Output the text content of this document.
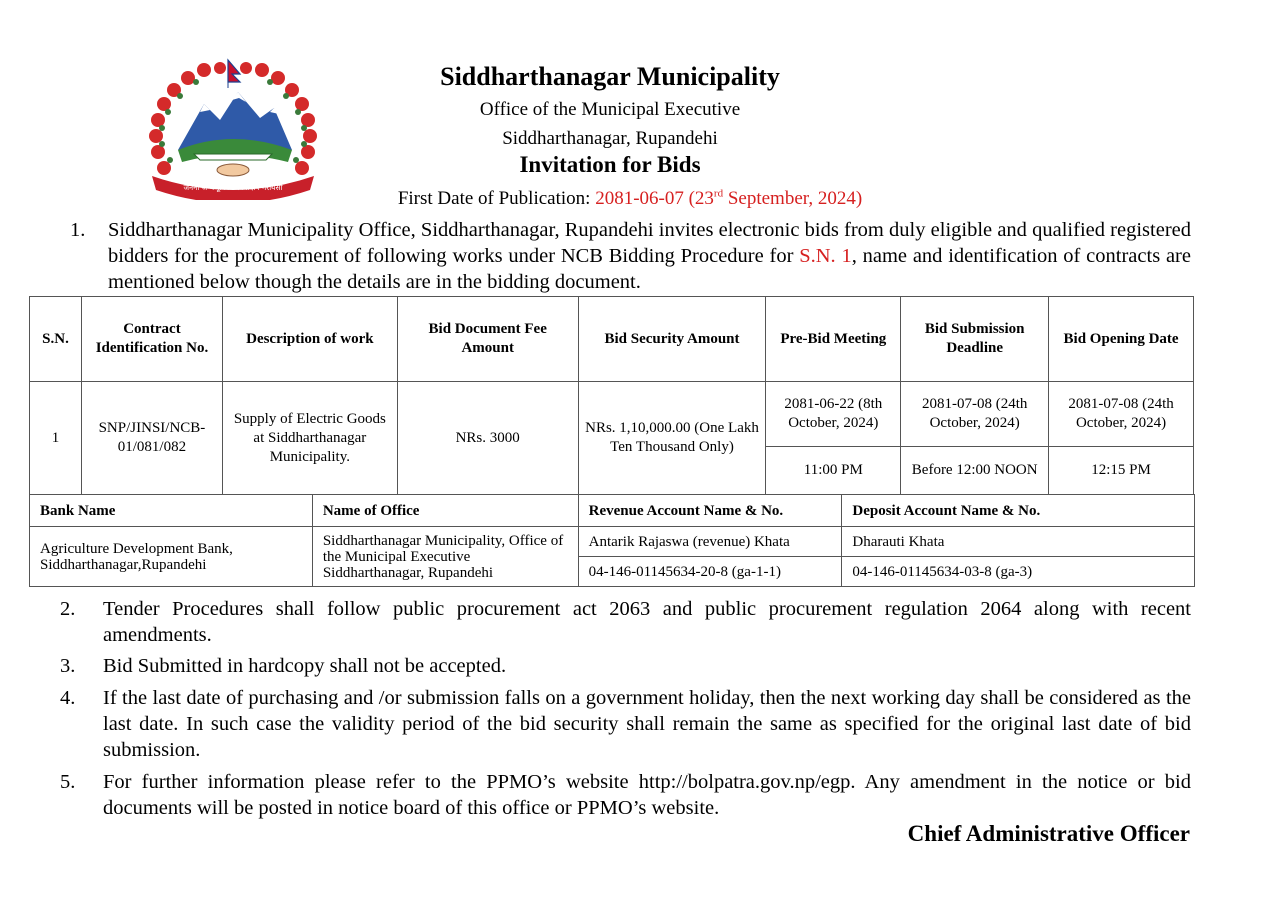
जननी जन्मभूमिश्च स्वर्गादपि गरीयसी
Siddharthanagar Municipality
Office of the Municipal Executive
Siddharthanagar, Rupandehi
Invitation for Bids
First Date of Publication: 2081-06-07 (23rd September, 2024)
1. Siddharthanagar Municipality Office, Siddharthanagar, Rupandehi invites electronic bids from duly eligible and qualified registered bidders for the procurement of following works under NCB Bidding Procedure for S.N. 1, name and identification of contracts are mentioned below though the details are in the bidding document.
S.N.	Contract Identification No.	Description of work	Bid Document Fee Amount	Bid Security Amount	Pre-Bid Meeting	Bid Submission Deadline	Bid Opening Date
1	SNP/JINSI/NCB-01/081/082	Supply of Electric Goods at Siddharthanagar Municipality.	NRs. 3000	NRs. 1,10,000.00 (One Lakh Ten Thousand Only)	2081-06-22 (8th October, 2024)	2081-07-08 (24th October, 2024)	2081-07-08 (24th October, 2024)
					11:00 PM	Before 12:00 NOON	12:15 PM
Bank Name	Name of Office	Revenue Account Name & No.	Deposit Account Name & No.
Agriculture Development Bank, Siddharthanagar,Rupandehi	Siddharthanagar Municipality, Office of the Municipal Executive Siddharthanagar, Rupandehi	Antarik Rajaswa (revenue) Khata	Dharauti Khata
		04-146-01145634-20-8 (ga-1-1)	04-146-01145634-03-8 (ga-3)
2. Tender Procedures shall follow public procurement act 2063 and public procurement regulation 2064 along with recent amendments.
3. Bid Submitted in hardcopy shall not be accepted.
4. If the last date of purchasing and /or submission falls on a government holiday, then the next working day shall be considered as the last date. In such case the validity period of the bid security shall remain the same as specified for the original last date of bid submission.
5. For further information please refer to the PPMO’s website http://bolpatra.gov.np/egp. Any amendment in the notice or bid documents will be posted in notice board of this office or PPMO’s website.
Chief Administrative Officer
